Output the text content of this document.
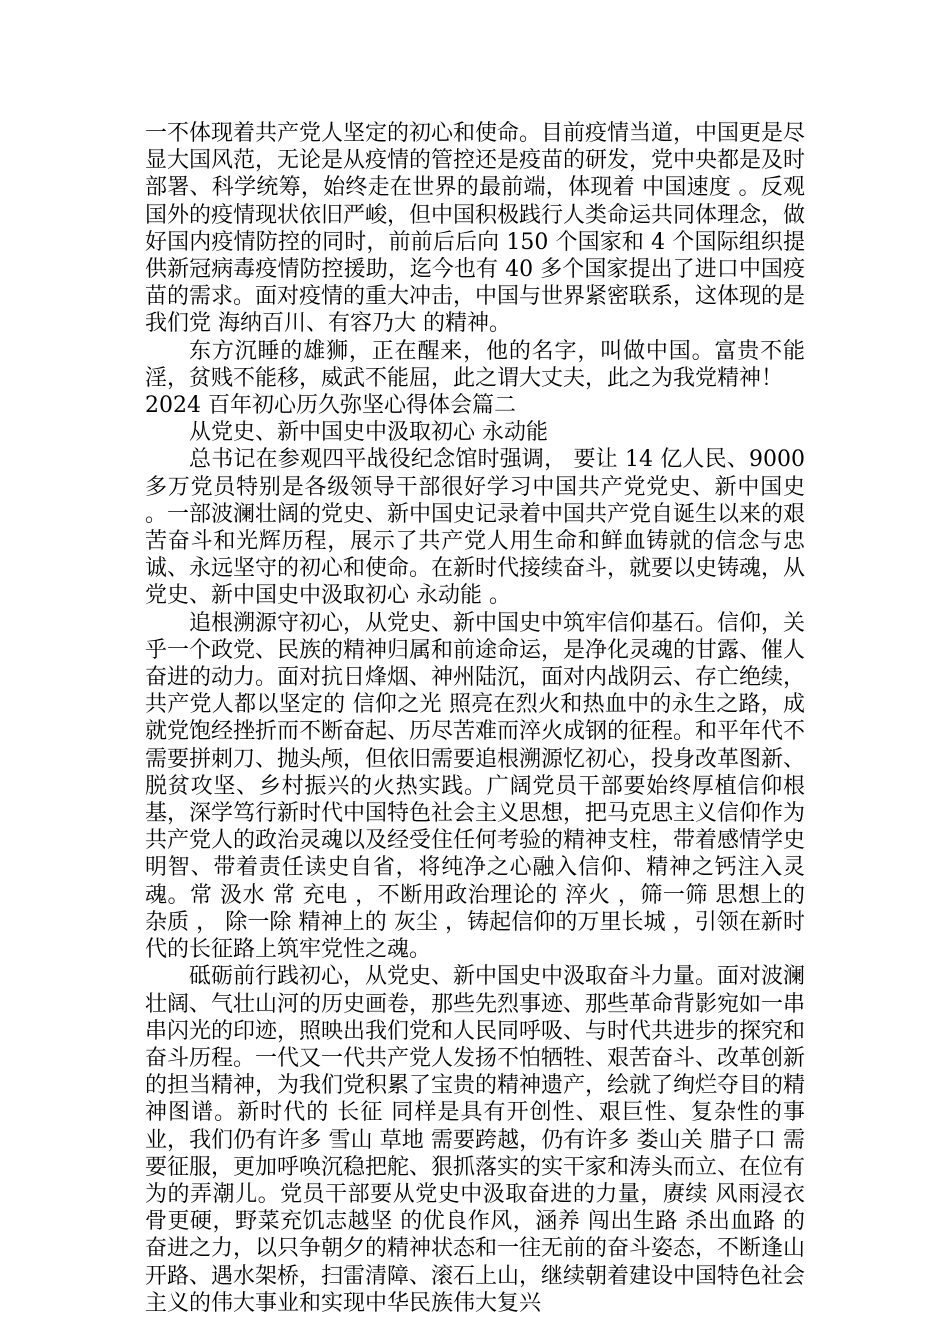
一不体现着共产党人坚定的初心和使命。目前疫情当道，中国更是尽显大国风范，无论是从疫情的管控还是疫苗的研发，党中央都是及时部署、科学统筹，始终走在世界的最前端，体现着 中国速度 。反观国外的疫情现状依旧严峻，但中国积极践行人类命运共同体理念，做好国内疫情防控的同时，前前后后向 150 个国家和 4 个国际组织提供新冠病毒疫情防控援助，迄今也有 40 多个国家提出了进口中国疫苗的需求。面对疫情的重大冲击，中国与世界紧密联系，这体现的是我们党 海纳百川、有容乃大 的精神。

东方沉睡的雄狮，正在醒来，他的名字，叫做中国。富贵不能淫，贫贱不能移，威武不能屈，此之谓大丈夫，此之为我党精神！

2024 百年初心历久弥坚心得体会篇二

从党史、新中国史中汲取初心 永动能

总书记在参观四平战役纪念馆时强调， 要让 14 亿人民、9000 多万党员特别是各级领导干部很好学习中国共产党党史、新中国史 。一部波澜壮阔的党史、新中国史记录着中国共产党自诞生以来的艰苦奋斗和光辉历程，展示了共产党人用生命和鲜血铸就的信念与忠诚、永远坚守的初心和使命。在新时代接续奋斗，就要以史铸魂，从党史、新中国史中汲取初心 永动能 。

追根溯源守初心，从党史、新中国史中筑牢信仰基石。信仰，关乎一个政党、民族的精神归属和前途命运，是净化灵魂的甘露、催人奋进的动力。面对抗日烽烟、神州陆沉，面对内战阴云、存亡绝续，共产党人都以坚定的 信仰之光 照亮在烈火和热血中的永生之路，成就党饱经挫折而不断奋起、历尽苦难而淬火成钢的征程。和平年代不需要拼刺刀、抛头颅，但依旧需要追根溯源忆初心，投身改革图新、脱贫攻坚、乡村振兴的火热实践。广阔党员干部要始终厚植信仰根基，深学笃行新时代中国特色社会主义思想，把马克思主义信仰作为共产党人的政治灵魂以及经受住任何考验的精神支柱，带着感情学史明智、带着责任读史自省，将纯净之心融入信仰、精神之钙注入灵魂。常 汲水 常 充电 ，不断用政治理论的 淬火 ，筛一筛 思想上的 杂质 ， 除一除 精神上的 灰尘 ，铸起信仰的万里长城 ，引领在新时代的长征路上筑牢党性之魂。

砥砺前行践初心，从党史、新中国史中汲取奋斗力量。面对波澜壮阔、气壮山河的历史画卷，那些先烈事迹、那些革命背影宛如一串串闪光的印迹，照映出我们党和人民同呼吸、与时代共进步的探究和奋斗历程。一代又一代共产党人发扬不怕牺牲、艰苦奋斗、改革创新的担当精神，为我们党积累了宝贵的精神遗产，绘就了绚烂夺目的精神图谱。新时代的 长征 同样是具有开创性、艰巨性、复杂性的事业，我们仍有许多 雪山 草地 需要跨越，仍有许多 娄山关 腊子口 需要征服，更加呼唤沉稳把舵、狠抓落实的实干家和涛头而立、在位有为的弄潮儿。党员干部要从党史中汲取奋进的力量，赓续 风雨浸衣骨更硬，野菜充饥志越坚 的优良作风，涵养 闯出生路 杀出血路 的奋进之力，以只争朝夕的精神状态和一往无前的奋斗姿态，不断逢山开路、遇水架桥，扫雷清障、滚石上山，继续朝着建设中国特色社会主义的伟大事业和实现中华民族伟大复兴
